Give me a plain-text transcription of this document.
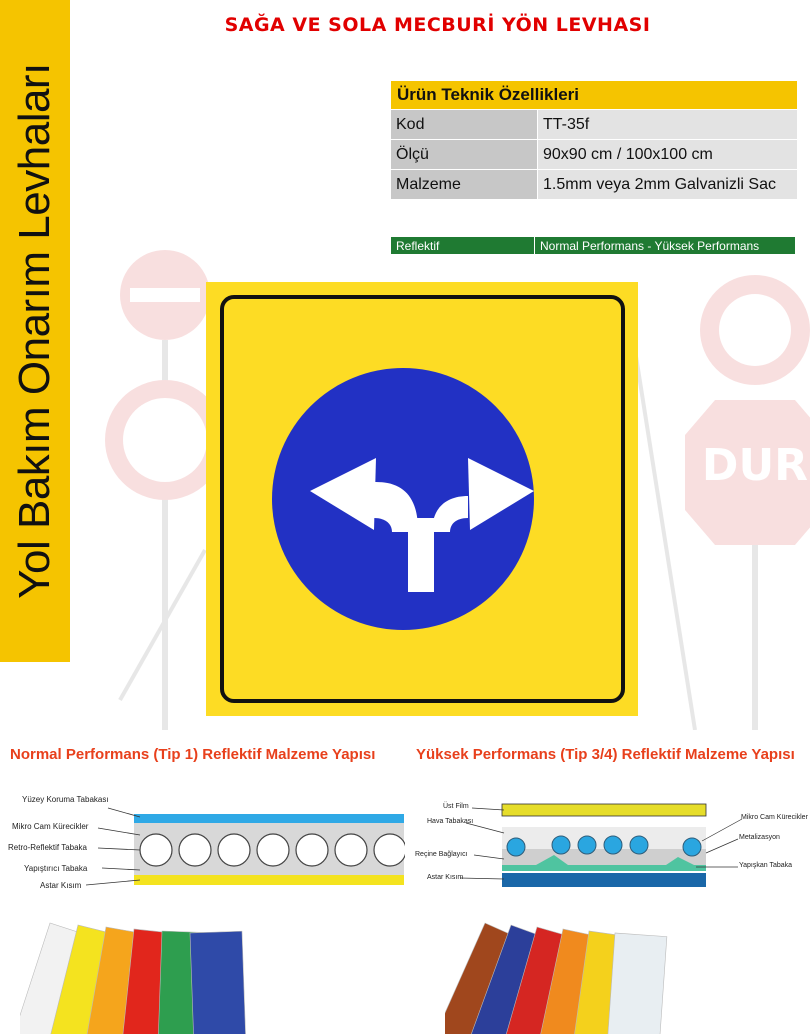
Yol Bakım Onarım Levhaları
SAĞA VE SOLA MECBURİ YÖN LEVHASI
Ürün Teknik Özellikleri	
Kod	TT-35f
Ölçü	90x90 cm / 100x100 cm
Malzeme	1.5mm veya 2mm Galvanizli Sac
Reflektif	Normal Performans - Yüksek Performans
DUR
Normal Performans (Tip 1) Reflektif Malzeme Yapısı	Yüksek Performans (Tip 3/4) Reflektif Malzeme Yapısı
Yüzey Koruma Tabakası
Mikro Cam Kürecikler
Retro-Reflektif Tabaka
Yapıştırıcı Tabaka
Astar Kısım
Üst Film
Hava Tabakası
Reçine Bağlayıcı
Astar Kısım
Mikro Cam Kürecikler
Metalizasyon
Yapışkan Tabaka
